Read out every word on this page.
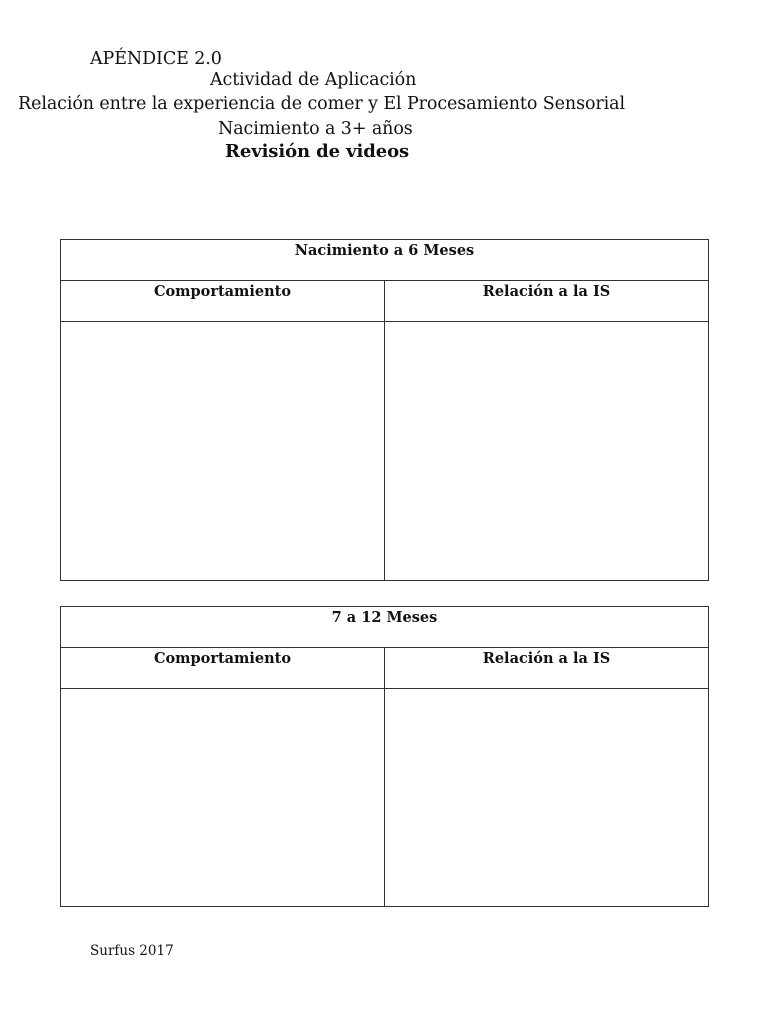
APÉNDICE 2.0
Actividad de Aplicación
Relación entre la experiencia de comer y El Procesamiento Sensorial
Nacimiento a 3+ años
Revisión de videos
Nacimiento a 6 Meses	

Comportamiento	Relación a la IS

7 a 12 Meses	

Comportamiento	Relación a la IS

Surfus 2017
